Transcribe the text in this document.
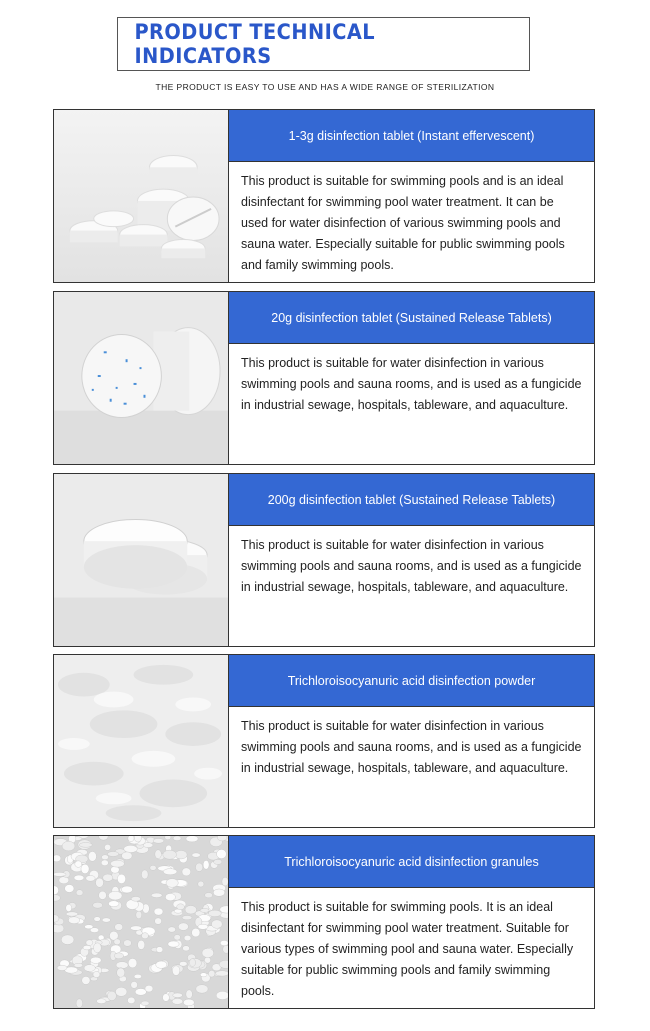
PRODUCT TECHNICAL INDICATORS
THE PRODUCT IS EASY TO USE AND HAS A WIDE RANGE OF STERILIZATION
1-3g disinfection tablet (Instant effervescent)
This product is suitable for swimming pools and is an ideal disinfectant for swimming pool water treatment. It can be used for water disinfection of various swimming pools and sauna water. Especially suitable for public swimming pools and family swimming pools.
20g disinfection tablet (Sustained Release Tablets)
This product is suitable for water disinfection in various swimming pools and sauna rooms, and is used as a fungicide in industrial sewage, hospitals, tableware, and aquaculture.
200g disinfection tablet (Sustained Release Tablets)
This product is suitable for water disinfection in various swimming pools and sauna rooms, and is used as a fungicide in industrial sewage, hospitals, tableware, and aquaculture.
Trichloroisocyanuric acid disinfection powder
This product is suitable for water disinfection in various swimming pools and sauna rooms, and is used as a fungicide in industrial sewage, hospitals, tableware, and aquaculture.
Trichloroisocyanuric acid disinfection granules
This product is suitable for swimming pools. It is an ideal disinfectant for swimming pool water treatment. Suitable for various types of swimming pool and sauna water. Especially suitable for public swimming pools and family swimming pools.
